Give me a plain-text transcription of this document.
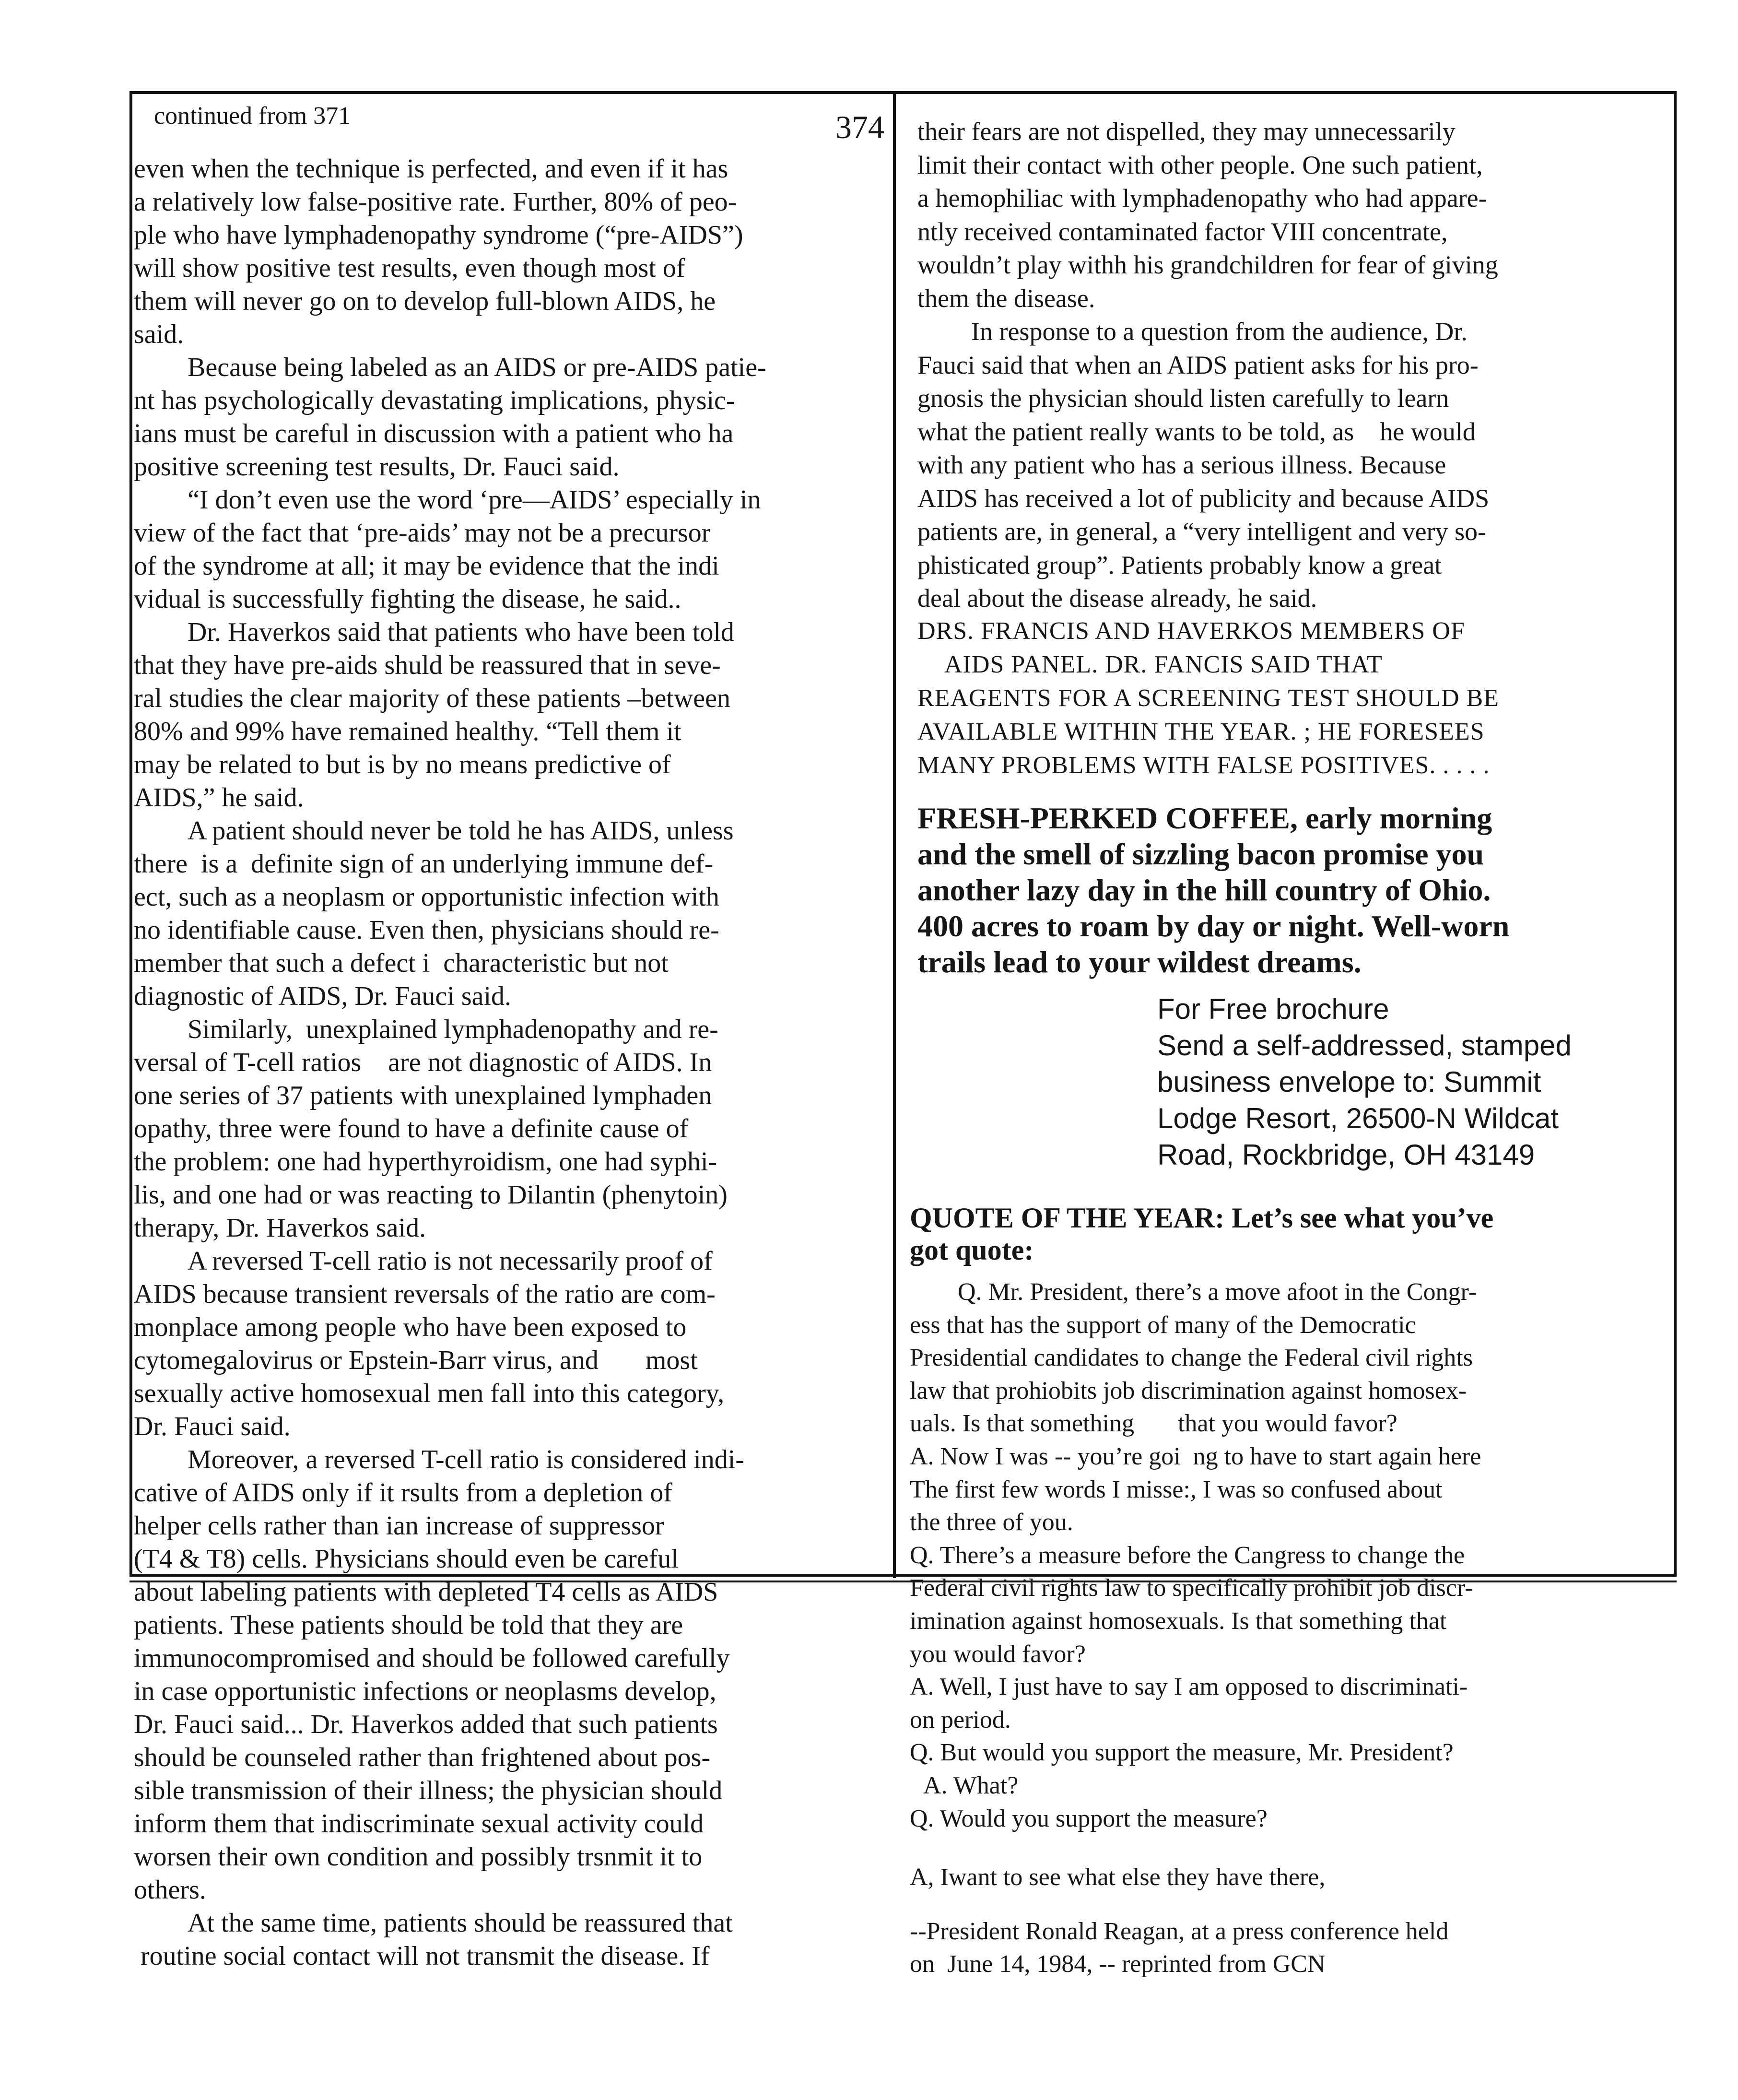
continued from 371	374
even when the technique is perfected, and even if it has
a relatively low false-positive rate. Further, 80% of peo-
ple who have lymphadenopathy syndrome (“pre-AIDS”)
will show positive test results, even though most of
them will never go on to develop full-blown AIDS, he
said.
Because being labeled as an AIDS or pre-AIDS patie-
nt has psychologically devastating implications, physic-
ians must be careful in discussion with a patient who ha
positive screening test results, Dr. Fauci said.
“I don’t even use the word ‘pre—AIDS’ especially in
view of the fact that ‘pre-aids’ may not be a precursor
of the syndrome at all; it may be evidence that the indi
vidual is successfully fighting the disease, he said..
Dr. Haverkos said that patients who have been told
that they have pre-aids shuld be reassured that in seve-
ral studies the clear majority of these patients –between
80% and 99% have remained healthy. “Tell them it
may be related to but is by no means predictive of
AIDS,” he said.
A patient should never be told he has AIDS, unless
there  is a  definite sign of an underlying immune def-
ect, such as a neoplasm or opportunistic infection with
no identifiable cause. Even then, physicians should re-
member that such a defect i  characteristic but not
diagnostic of AIDS, Dr. Fauci said.
Similarly,  unexplained lymphadenopathy and re-
versal of T-cell ratios    are not diagnostic of AIDS. In
one series of 37 patients with unexplained lymphaden
opathy, three were found to have a definite cause of
the problem: one had hyperthyroidism, one had syphi-
lis, and one had or was reacting to Dilantin (phenytoin)
therapy, Dr. Haverkos said.
A reversed T-cell ratio is not necessarily proof of
AIDS because transient reversals of the ratio are com-
monplace among people who have been exposed to
cytomegalovirus or Epstein-Barr virus, and       most
sexually active homosexual men fall into this category,
Dr. Fauci said.
Moreover, a reversed T-cell ratio is considered indi-
cative of AIDS only if it rsults from a depletion of
helper cells rather than ian increase of suppressor
(T4 & T8) cells. Physicians should even be careful
about labeling patients with depleted T4 cells as AIDS
patients. These patients should be told that they are
immunocompromised and should be followed carefully
in case opportunistic infections or neoplasms develop,
Dr. Fauci said... Dr. Haverkos added that such patients
should be counseled rather than frightened about pos-
sible transmission of their illness; the physician should
inform them that indiscriminate sexual activity could
worsen their own condition and possibly trsnmit it to
others.
At the same time, patients should be reassured that
routine social contact will not transmit the disease. If
their fears are not dispelled, they may unnecessarily
limit their contact with other people. One such patient,
a hemophiliac with lymphadenopathy who had appare-
ntly received contaminated factor VIII concentrate,
wouldn’t play withh his grandchildren for fear of giving
them the disease.
In response to a question from the audience, Dr.
Fauci said that when an AIDS patient asks for his pro-
gnosis the physician should listen carefully to learn
what the patient really wants to be told, as    he would
with any patient who has a serious illness. Because
AIDS has received a lot of publicity and because AIDS
patients are, in general, a “very intelligent and very so-
phisticated group”. Patients probably know a great
deal about the disease already, he said.
DRS. FRANCIS AND HAVERKOS MEMBERS OF
AIDS PANEL. DR. FANCIS SAID THAT
REAGENTS FOR A SCREENING TEST SHOULD BE
AVAILABLE WITHIN THE YEAR. ; HE FORESEES
MANY PROBLEMS WITH FALSE POSITIVES. . . . .
FRESH-PERKED COFFEE, early morning
and the smell of sizzling bacon promise you
another lazy day in the hill country of Ohio.
400 acres to roam by day or night. Well-worn
trails lead to your wildest dreams.
For Free brochure
Send a self-addressed, stamped
business envelope to: Summit
Lodge Resort, 26500-N Wildcat
Road, Rockbridge, OH 43149
QUOTE OF THE YEAR: Let’s see what you’ve
got quote:
Q. Mr. President, there’s a move afoot in the Congr-
ess that has the support of many of the Democratic
Presidential candidates to change the Federal civil rights
law that prohiobits job discrimination against homosex-
uals. Is that something       that you would favor?
A. Now I was -- you’re goi  ng to have to start again here
The first few words I misse:, I was so confused about
the three of you.
Q. There’s a measure before the Cangress to change the
Federal civil rights law to specifically prohibit job discr-
imination against homosexuals. Is that something that
you would favor?
A. Well, I just have to say I am opposed to discriminati-
on period.
Q. But would you support the measure, Mr. President?
A. What?
Q. Would you support the measure?
A, Iwant to see what else they have there,
--President Ronald Reagan, at a press conference held
on  June 14, 1984, -- reprinted from GCN
